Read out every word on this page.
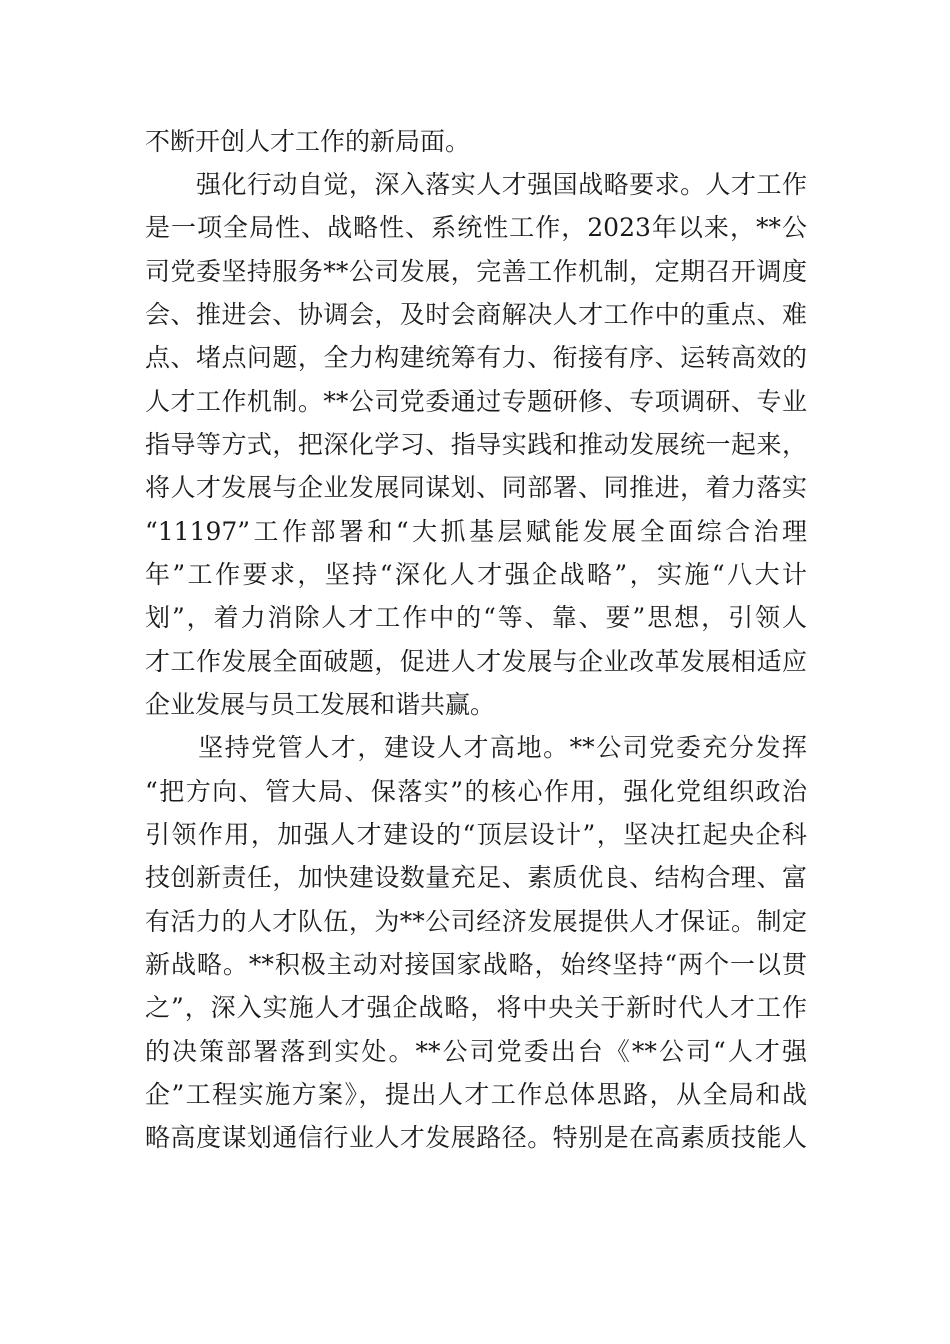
不断开创人才工作的新局面。
　　强化行动自觉，深入落实人才强国战略要求。人才工作
是一项全局性、战略性、系统性工作，2023年以来，**公
司党委坚持服务**公司发展，完善工作机制，定期召开调度
会、推进会、协调会，及时会商解决人才工作中的重点、难
点、堵点问题，全力构建统筹有力、衔接有序、运转高效的
人才工作机制。**公司党委通过专题研修、专项调研、专业
指导等方式，把深化学习、指导实践和推动发展统一起来，
将人才发展与企业发展同谋划、同部署、同推进，着力落实
“11197”工作部署和“大抓基层赋能发展全面综合治理
年”工作要求，坚持“深化人才强企战略”，实施“八大计
划”，着力消除人才工作中的“等、靠、要”思想，引领人
才工作发展全面破题，促进人才发展与企业改革发展相适应
企业发展与员工发展和谐共赢。
　　坚持党管人才，建设人才高地。**公司党委充分发挥
“把方向、管大局、保落实”的核心作用，强化党组织政治
引领作用，加强人才建设的“顶层设计”，坚决扛起央企科
技创新责任，加快建设数量充足、素质优良、结构合理、富
有活力的人才队伍，为**公司经济发展提供人才保证。制定
新战略。**积极主动对接国家战略，始终坚持“两个一以贯
之”，深入实施人才强企战略，将中央关于新时代人才工作
的决策部署落到实处。**公司党委出台《**公司“人才强
企”工程实施方案》，提出人才工作总体思路，从全局和战
略高度谋划通信行业人才发展路径。特别是在高素质技能人
